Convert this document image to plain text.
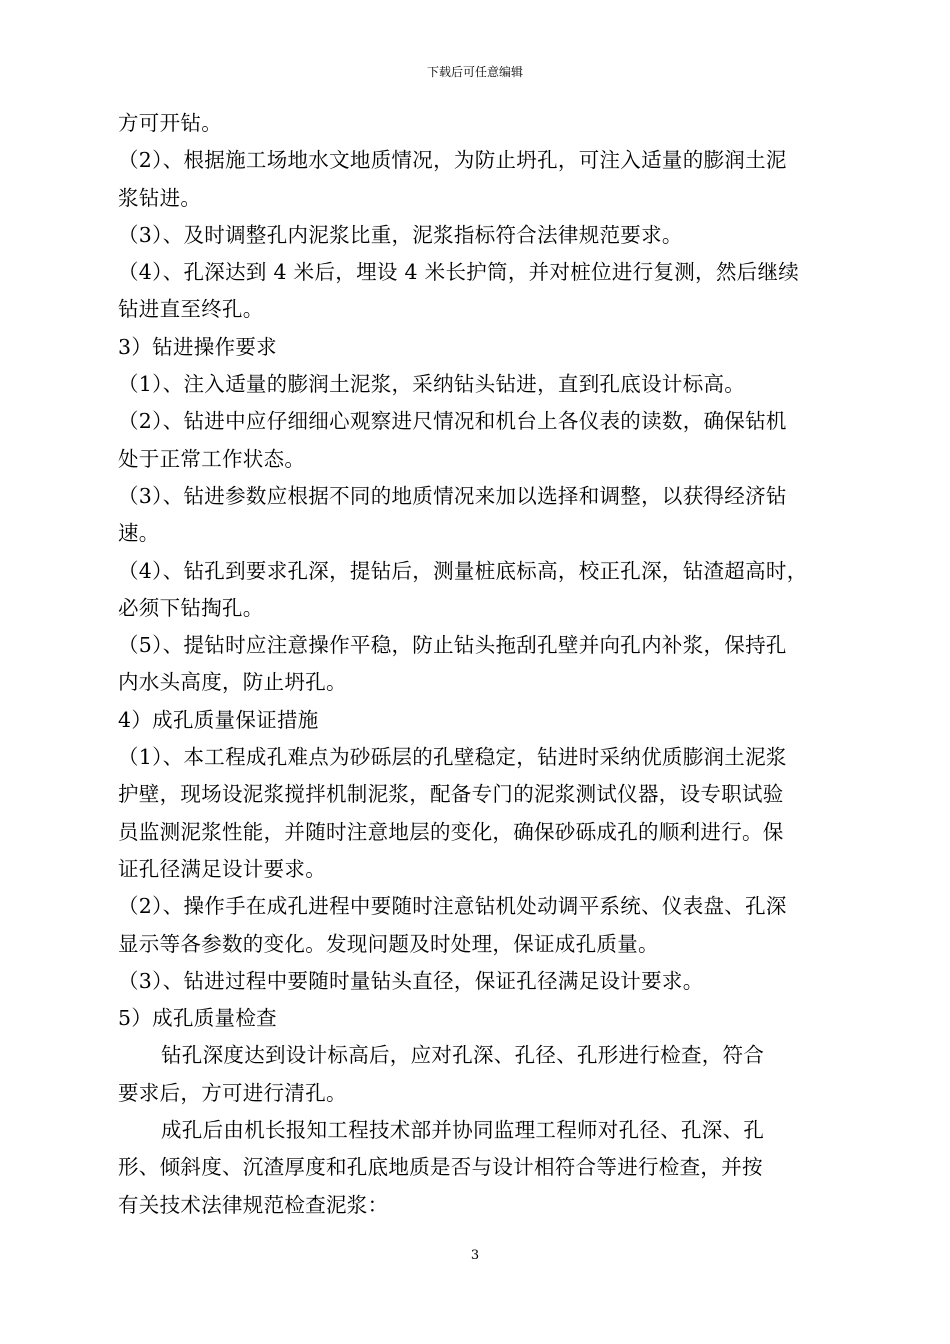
下载后可任意编辑
方可开钻。
（2）、根据施工场地水文地质情况，为防止坍孔，可注入适量的膨润土泥
浆钻进。
（3）、及时调整孔内泥浆比重，泥浆指标符合法律规范要求。
（4）、孔深达到 4 米后，埋设 4 米长护筒，并对桩位进行复测，然后继续
钻进直至终孔。
3）钻进操作要求
（1）、注入适量的膨润土泥浆，采纳钻头钻进，直到孔底设计标高。
（2）、钻进中应仔细细心观察进尺情况和机台上各仪表的读数，确保钻机
处于正常工作状态。
（3）、钻进参数应根据不同的地质情况来加以选择和调整，以获得经济钻
速。
（4）、钻孔到要求孔深，提钻后，测量桩底标高，校正孔深，钻渣超高时，
必须下钻掏孔。
（5）、提钻时应注意操作平稳，防止钻头拖刮孔壁并向孔内补浆，保持孔
内水头高度，防止坍孔。
4）成孔质量保证措施
（1）、本工程成孔难点为砂砾层的孔壁稳定，钻进时采纳优质膨润土泥浆
护壁，现场设泥浆搅拌机制泥浆，配备专门的泥浆测试仪器，设专职试验
员监测泥浆性能，并随时注意地层的变化，确保砂砾成孔的顺利进行。保
证孔径满足设计要求。
（2）、操作手在成孔进程中要随时注意钻机处动调平系统、仪表盘、孔深
显示等各参数的变化。发现问题及时处理，保证成孔质量。
（3）、钻进过程中要随时量钻头直径，保证孔径满足设计要求。
5）成孔质量检查
钻孔深度达到设计标高后，应对孔深、孔径、孔形进行检查，符合
要求后，方可进行清孔。
成孔后由机长报知工程技术部并协同监理工程师对孔径、孔深、孔
形、倾斜度、沉渣厚度和孔底地质是否与设计相符合等进行检查，并按
有关技术法律规范检查泥浆：
3
